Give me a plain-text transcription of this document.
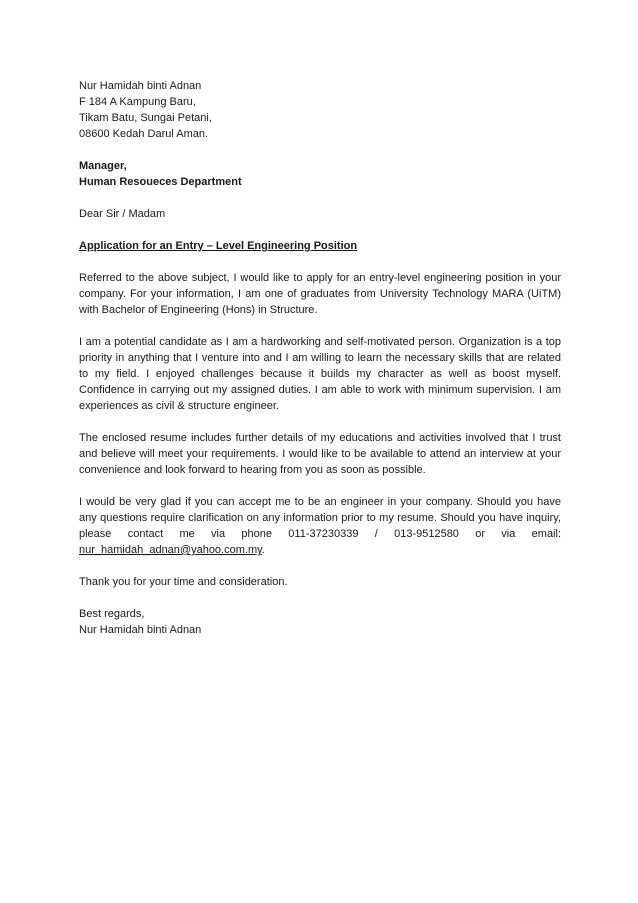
Nur Hamidah binti Adnan
F 184 A Kampung Baru,
Tikam Batu, Sungai Petani,
08600 Kedah Darul Aman.
Manager,
Human Resoueces Department
Dear Sir / Madam
Application for an Entry – Level Engineering Position

Referred to the above subject, I would like to apply for an entry-level engineering position in your company. For your information, I am one of graduates from University Technology MARA (UiTM) with Bachelor of Engineering (Hons) in Structure.

I am a potential candidate as I am a hardworking and self-motivated person. Organization is a top priority in anything that I venture into and I am willing to learn the necessary skills that are related to my field. I enjoyed challenges because it builds my character as well as boost myself. Confidence in carrying out my assigned duties. I am able to work with minimum supervision. I am experiences as civil & structure engineer.

The enclosed resume includes further details of my educations and activities involved that I trust and believe will meet your requirements. I would like to be available to attend an interview at your convenience and look forward to hearing from you as soon as possible.

I would be very glad if you can accept me to be an engineer in your company. Should you have any questions require clarification on any information prior to my resume. Should you have inquiry, please contact me via phone 011-37230339 / 013-9512580 or via email: nur_hamidah_adnan@yahoo.com.my.

Thank you for your time and consideration.
Best regards,
Nur Hamidah binti Adnan
